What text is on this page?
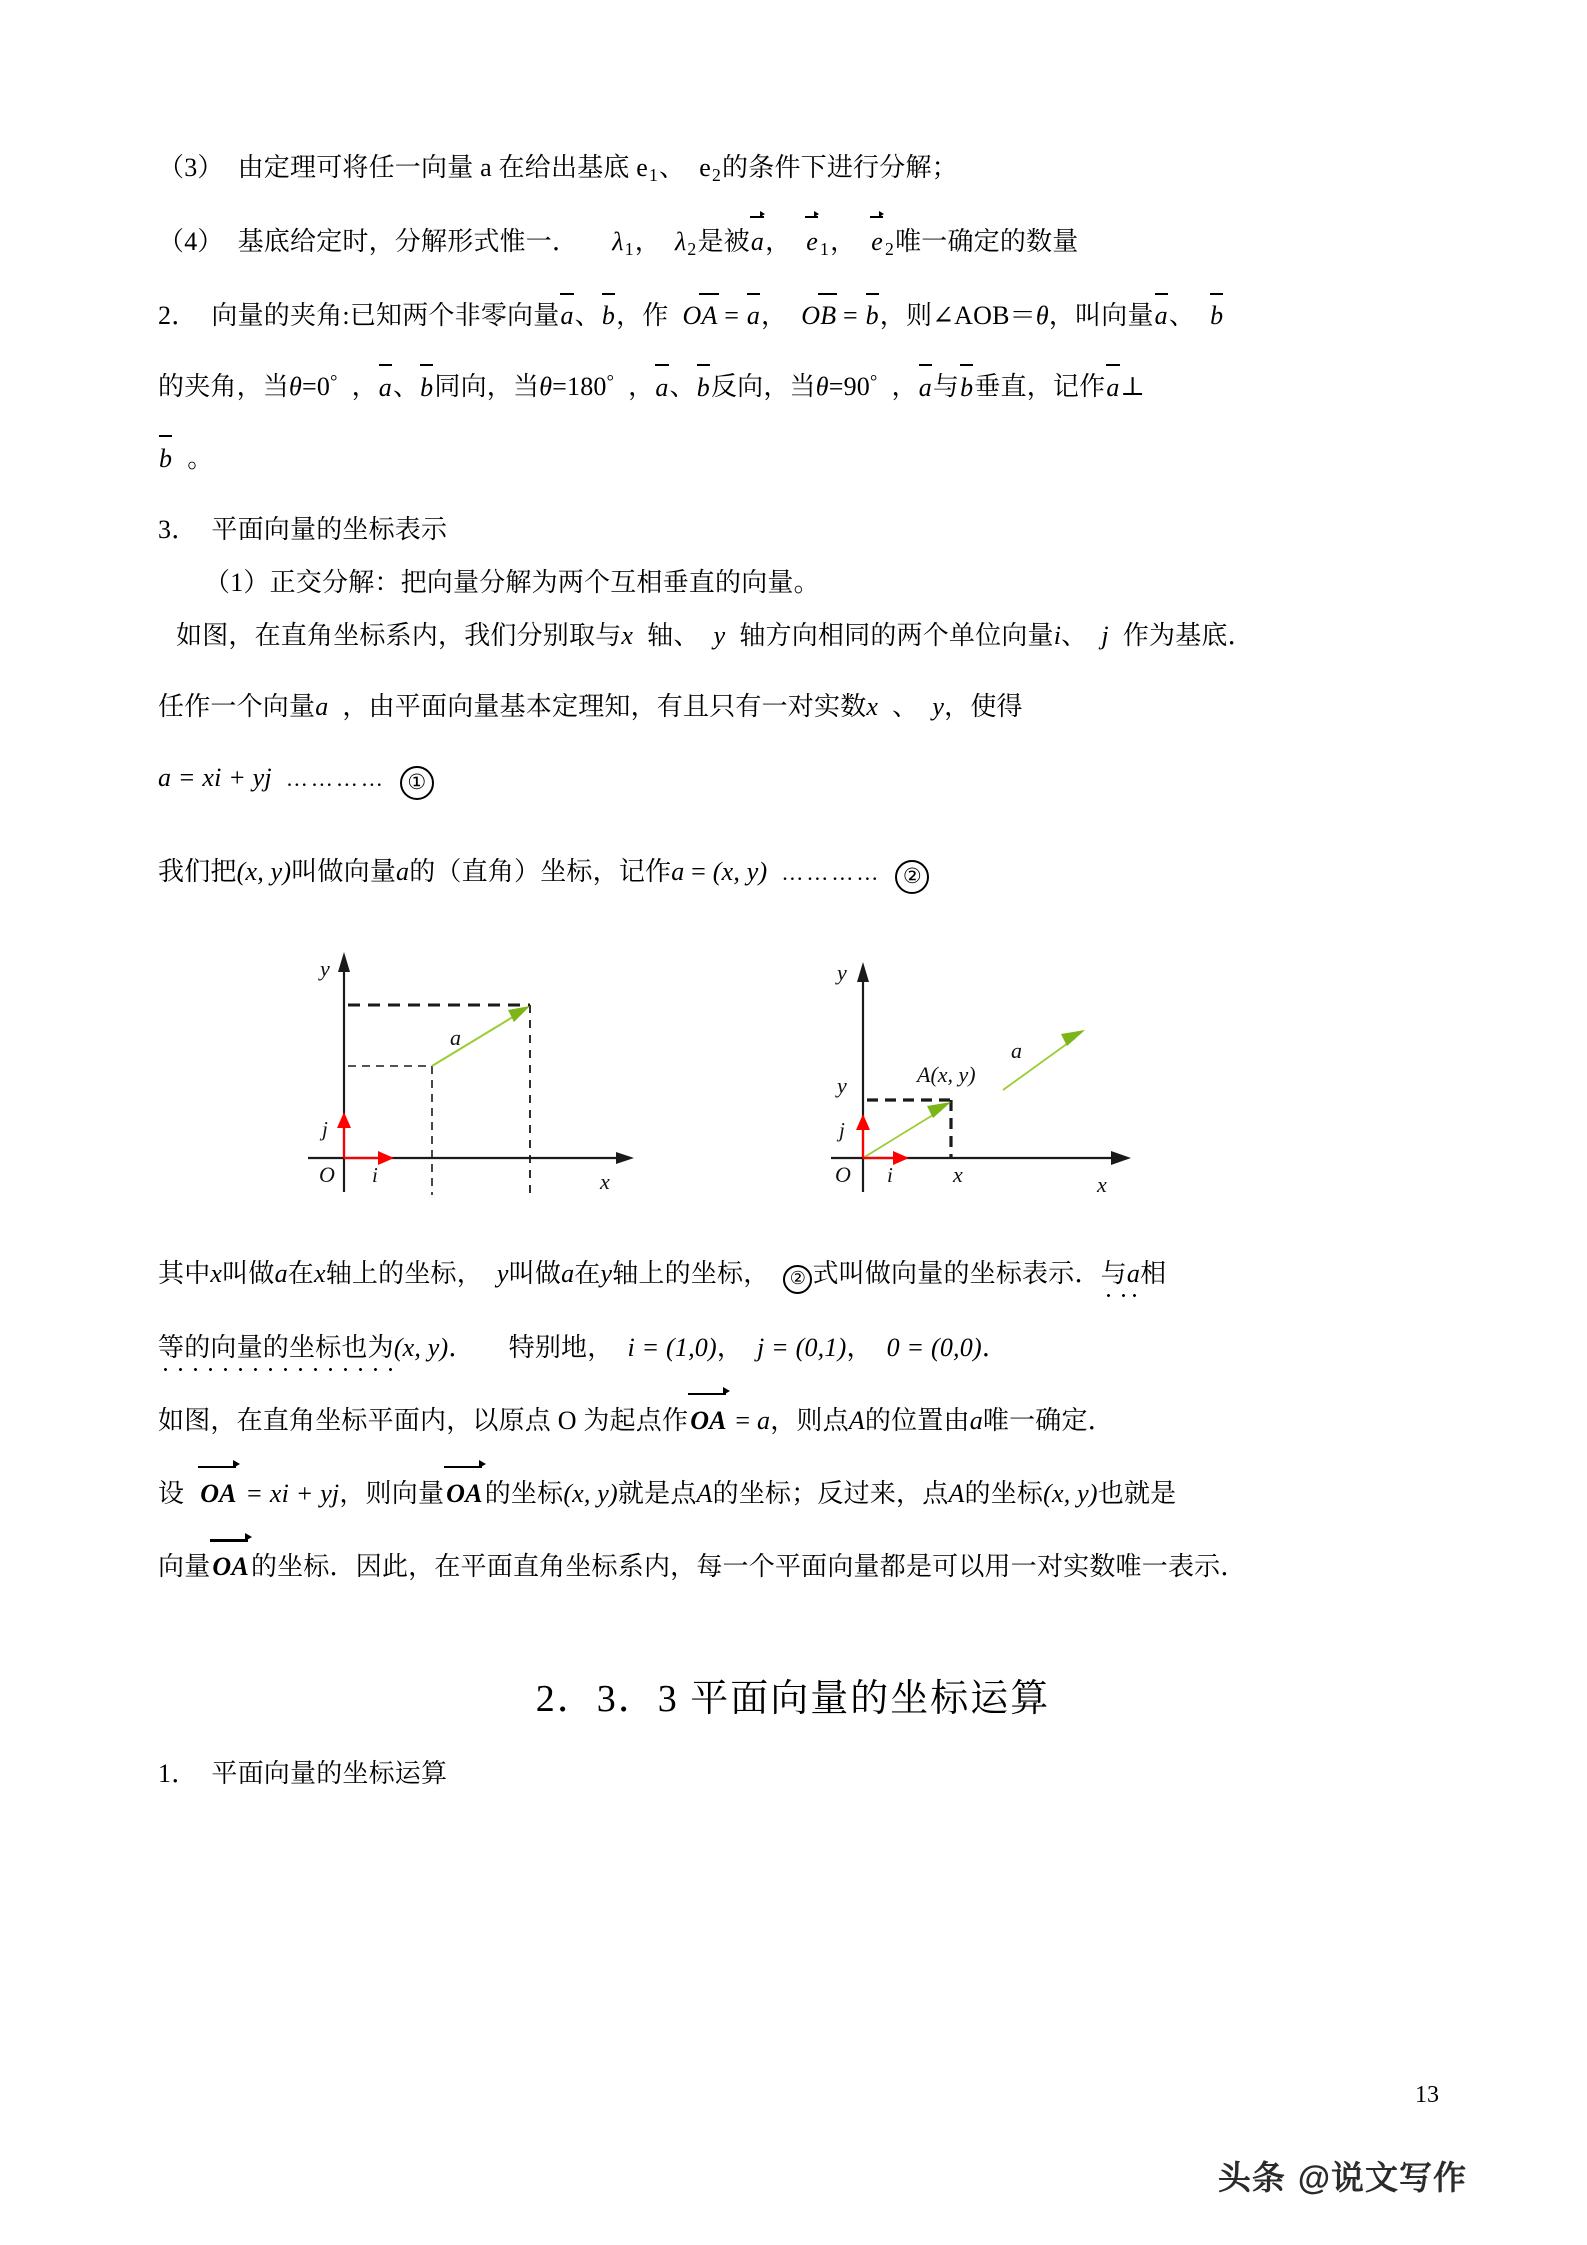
（3） 由定理可将任一向量 a 在给出基底 $e_1$、 $e_2$的条件下进行分解；
（4） 基底给定时，分解形式惟一． $\lambda_1$， $\lambda_2$是被a， e $_1$， e $_2$唯一确定的数量
2． 向量的夹角:已知两个非零向量a、b，作 OA = a， OB = b，则∠AOB＝θ，叫向量a、 b
的夹角，当θ=0° ，a、b同向，当θ=180° ，a、b反向，当θ=90° ，a与b垂直，记作a⊥
b 。
3． 平面向量的坐标表示
（1）正交分解：把向量分解为两个互相垂直的向量。
如图，在直角坐标系内，我们分别取与x 轴、 y 轴方向相同的两个单位向量i、 j 作为基底．
任作一个向量a ，由平面向量基本定理知，有且只有一对实数x 、 y，使得
a = xi + yj ………… ①
我们把(x, y)叫做向量a的（直角）坐标，记作a = (x, y) ………… ②
y
x
O i
j
a
y
x
O i
j
y
x
A(x, y)
a
其中x叫做a在x轴上的坐标， y叫做a在y轴上的坐标， ② 式叫做向量的坐标表示．与a相
等的向量的坐标也为(x, y)． 特别地， i = (1,0)， j = (0,1)， 0 = (0,0)．
如图，在直角坐标平面内，以原点 O 为起点作OA = a，则点A的位置由a唯一确定．
设 OA = xi + yj，则向量OA的坐标(x, y)就是点A的坐标；反过来，点A的坐标(x, y)也就是
向量OA的坐标．因此，在平面直角坐标系内，每一个平面向量都是可以用一对实数唯一表示．
2．3．3 平面向量的坐标运算
1． 平面向量的坐标运算
13
头条 @说文写作
